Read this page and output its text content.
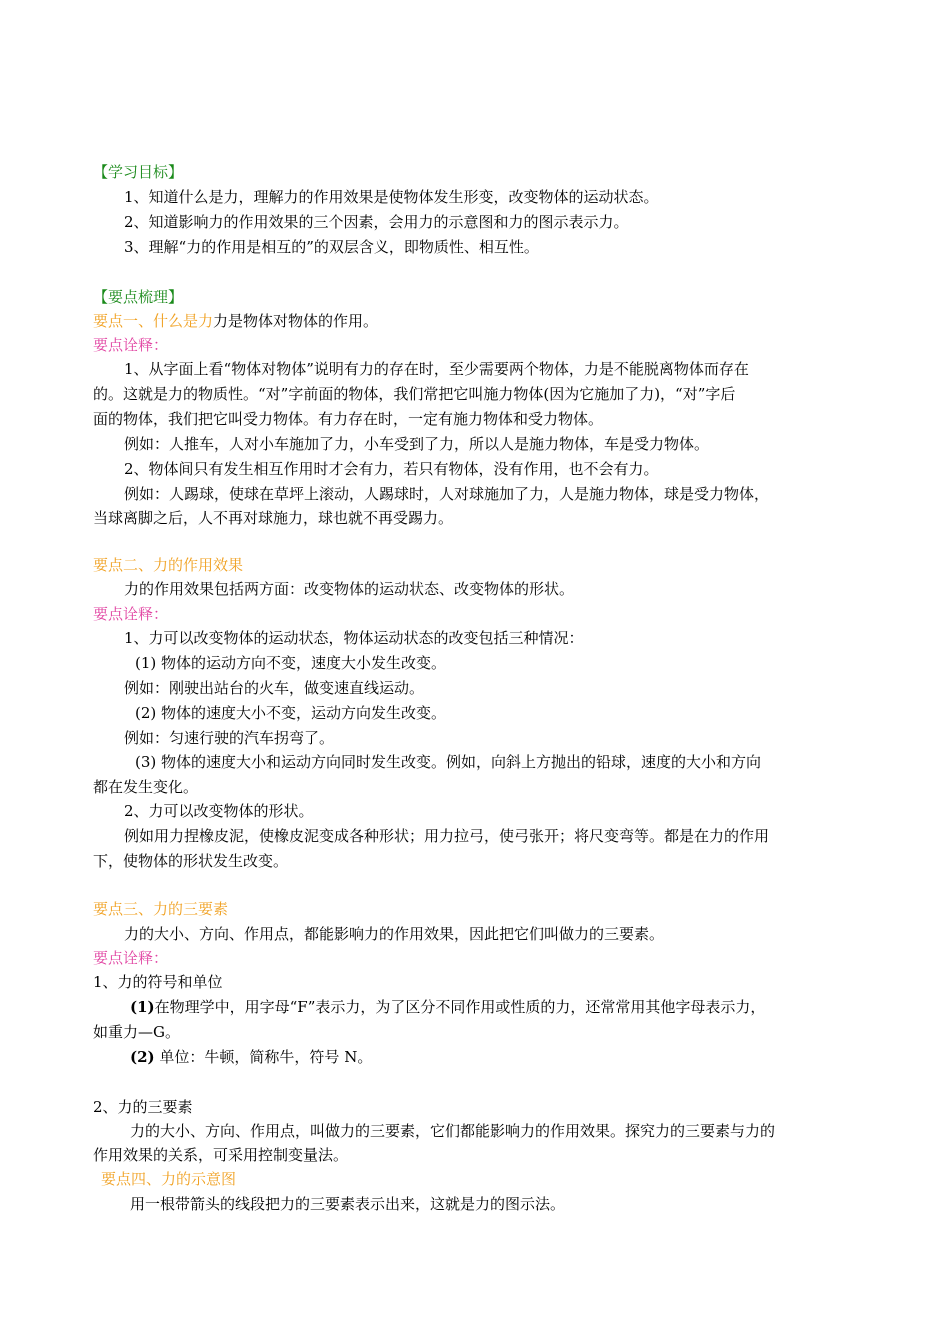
【学习目标】
1、知道什么是力，理解力的作用效果是使物体发生形变，改变物体的运动状态。
2、知道影响力的作用效果的三个因素，会用力的示意图和力的图示表示力。
3、理解“力的作用是相互的”的双层含义，即物质性、相互性。
【要点梳理】
要点一、什么是力力是物体对物体的作用。
要点诠释：
1、从字面上看“物体对物体”说明有力的存在时，至少需要两个物体，力是不能脱离物体而存在
的。这就是力的物质性。“对”字前面的物体，我们常把它叫施力物体(因为它施加了力)，“对”字后
面的物体，我们把它叫受力物体。有力存在时，一定有施力物体和受力物体。
例如：人推车，人对小车施加了力，小车受到了力，所以人是施力物体，车是受力物体。
2、物体间只有发生相互作用时才会有力，若只有物体，没有作用，也不会有力。
例如：人踢球，使球在草坪上滚动，人踢球时，人对球施加了力，人是施力物体，球是受力物体，
当球离脚之后，人不再对球施力，球也就不再受踢力。
要点二、力的作用效果
力的作用效果包括两方面：改变物体的运动状态、改变物体的形状。
要点诠释：
1、力可以改变物体的运动状态，物体运动状态的改变包括三种情况：
(1) 物体的运动方向不变，速度大小发生改变。
例如：刚驶出站台的火车，做变速直线运动。
(2) 物体的速度大小不变，运动方向发生改变。
例如：匀速行驶的汽车拐弯了。
(3) 物体的速度大小和运动方向同时发生改变。例如，向斜上方抛出的铅球，速度的大小和方向
都在发生变化。
2、力可以改变物体的形状。
例如用力捏橡皮泥，使橡皮泥变成各种形状；用力拉弓，使弓张开；将尺变弯等。都是在力的作用
下，使物体的形状发生改变。
要点三、力的三要素
力的大小、方向、作用点，都能影响力的作用效果，因此把它们叫做力的三要素。
要点诠释：
1、力的符号和单位
(1)在物理学中，用字母“F”表示力，为了区分不同作用或性质的力，还常常用其他字母表示力，
如重力—G。
(2) 单位：牛顿，简称牛，符号 N。
2、力的三要素
力的大小、方向、作用点，叫做力的三要素，它们都能影响力的作用效果。探究力的三要素与力的
作用效果的关系，可采用控制变量法。
要点四、力的示意图
用一根带箭头的线段把力的三要素表示出来，这就是力的图示法。
